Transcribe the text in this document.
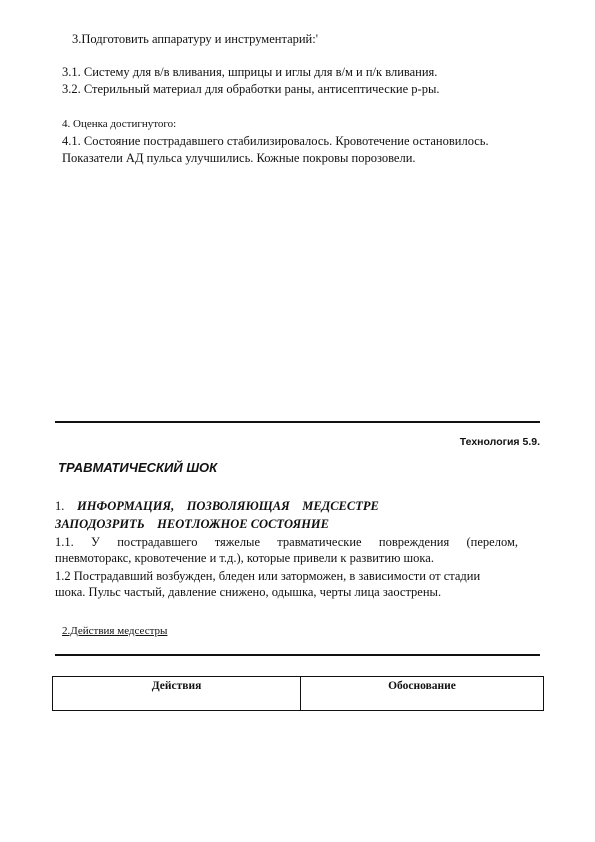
3.Подготовить аппаратуру и инструментарий:'
3.1. Систему для в/в вливания, шприцы и иглы для в/м и п/к вливания.
3.2. Стерильный материал для обработки раны, антисептические р-ры.
4. Оценка достигнутого:
4.1. Состояние пострадавшего стабилизировалось. Кровотечение остановилось.
Показатели АД пульса улучшились. Кожные покровы порозовели.
Технология 5.9.
ТРАВМАТИЧЕСКИЙ ШОК
1. ИНФОРМАЦИЯ,    ПОЗВОЛЯЮЩАЯ    МЕДСЕСТРЕ
ЗАПОДОЗРИТЬ    НЕОТЛОЖНОЕ СОСТОЯНИЕ
1.1. У пострадавшего тяжелые травматические повреждения (перелом,
пневмоторакс, кровотечение и т.д.), которые привели к развитию шока.
1.2 Пострадавший возбужден, бледен или заторможен, в зависимости от стадии
шока. Пульс частый, давление снижено, одышка, черты лица заострены.
2.Действия медсестры
Действия	Обоснование
